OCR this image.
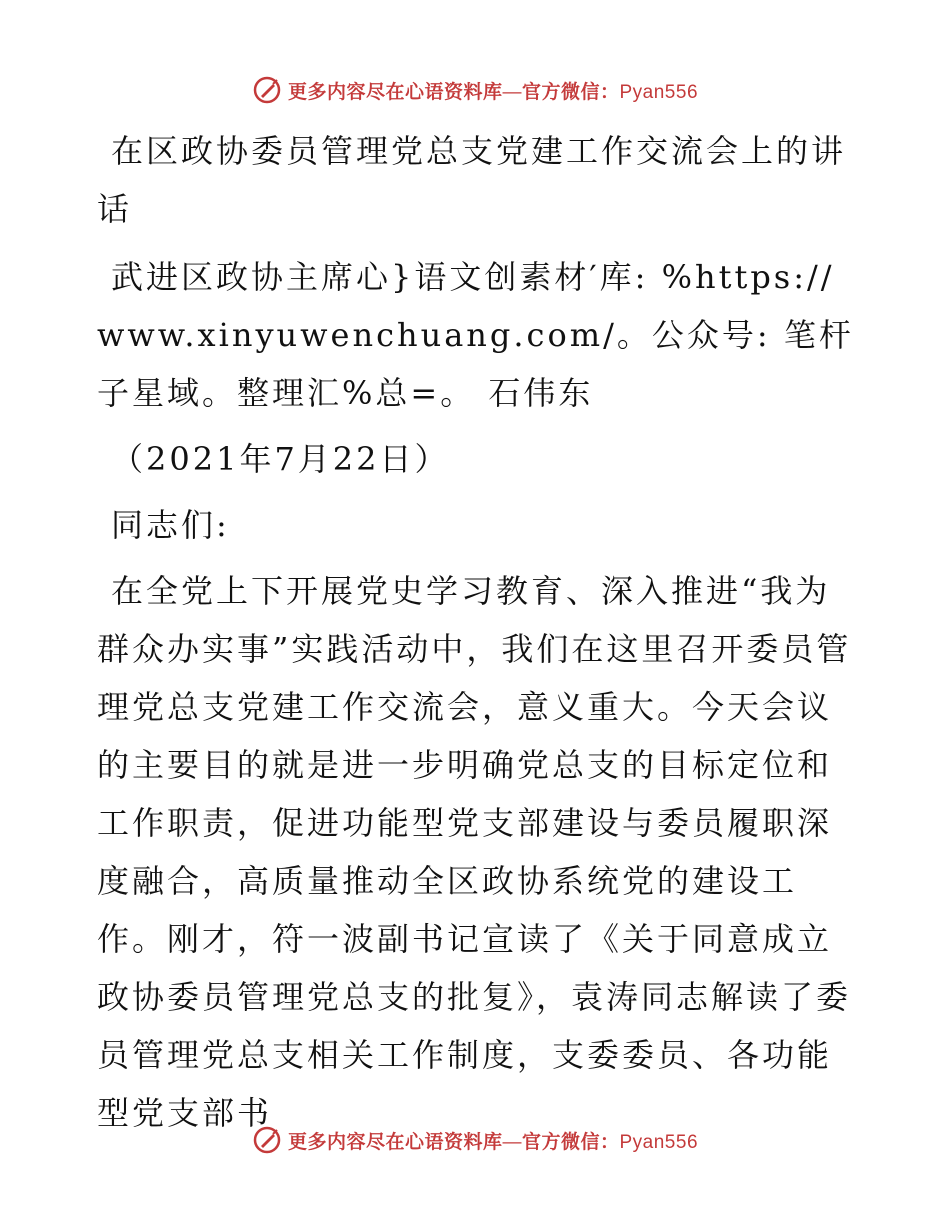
更多内容尽在心语资料库—官方微信：Pyan556

在区政协委员管理党总支党建工作交流会上的讲话

武进区政协主席心}语文创素材′库: %https://www.xinyuwenchuang.com/。公众号: 笔杆子星域。整理汇%总=。 石伟东

（2021年7月22日）

同志们:

在全党上下开展党史学习教育、深入推进“我为群众办实事”实践活动中，我们在这里召开委员管理党总支党建工作交流会，意义重大。今天会议的主要目的就是进一步明确党总支的目标定位和工作职责，促进功能型党支部建设与委员履职深度融合，高质量推动全区政协系统党的建设工作。刚才，符一波副书记宣读了《关于同意成立政协委员管理党总支的批复》，袁涛同志解读了委员管理党总支相关工作制度，支委委员、各功能型党支部书

更多内容尽在心语资料库—官方微信：Pyan556
